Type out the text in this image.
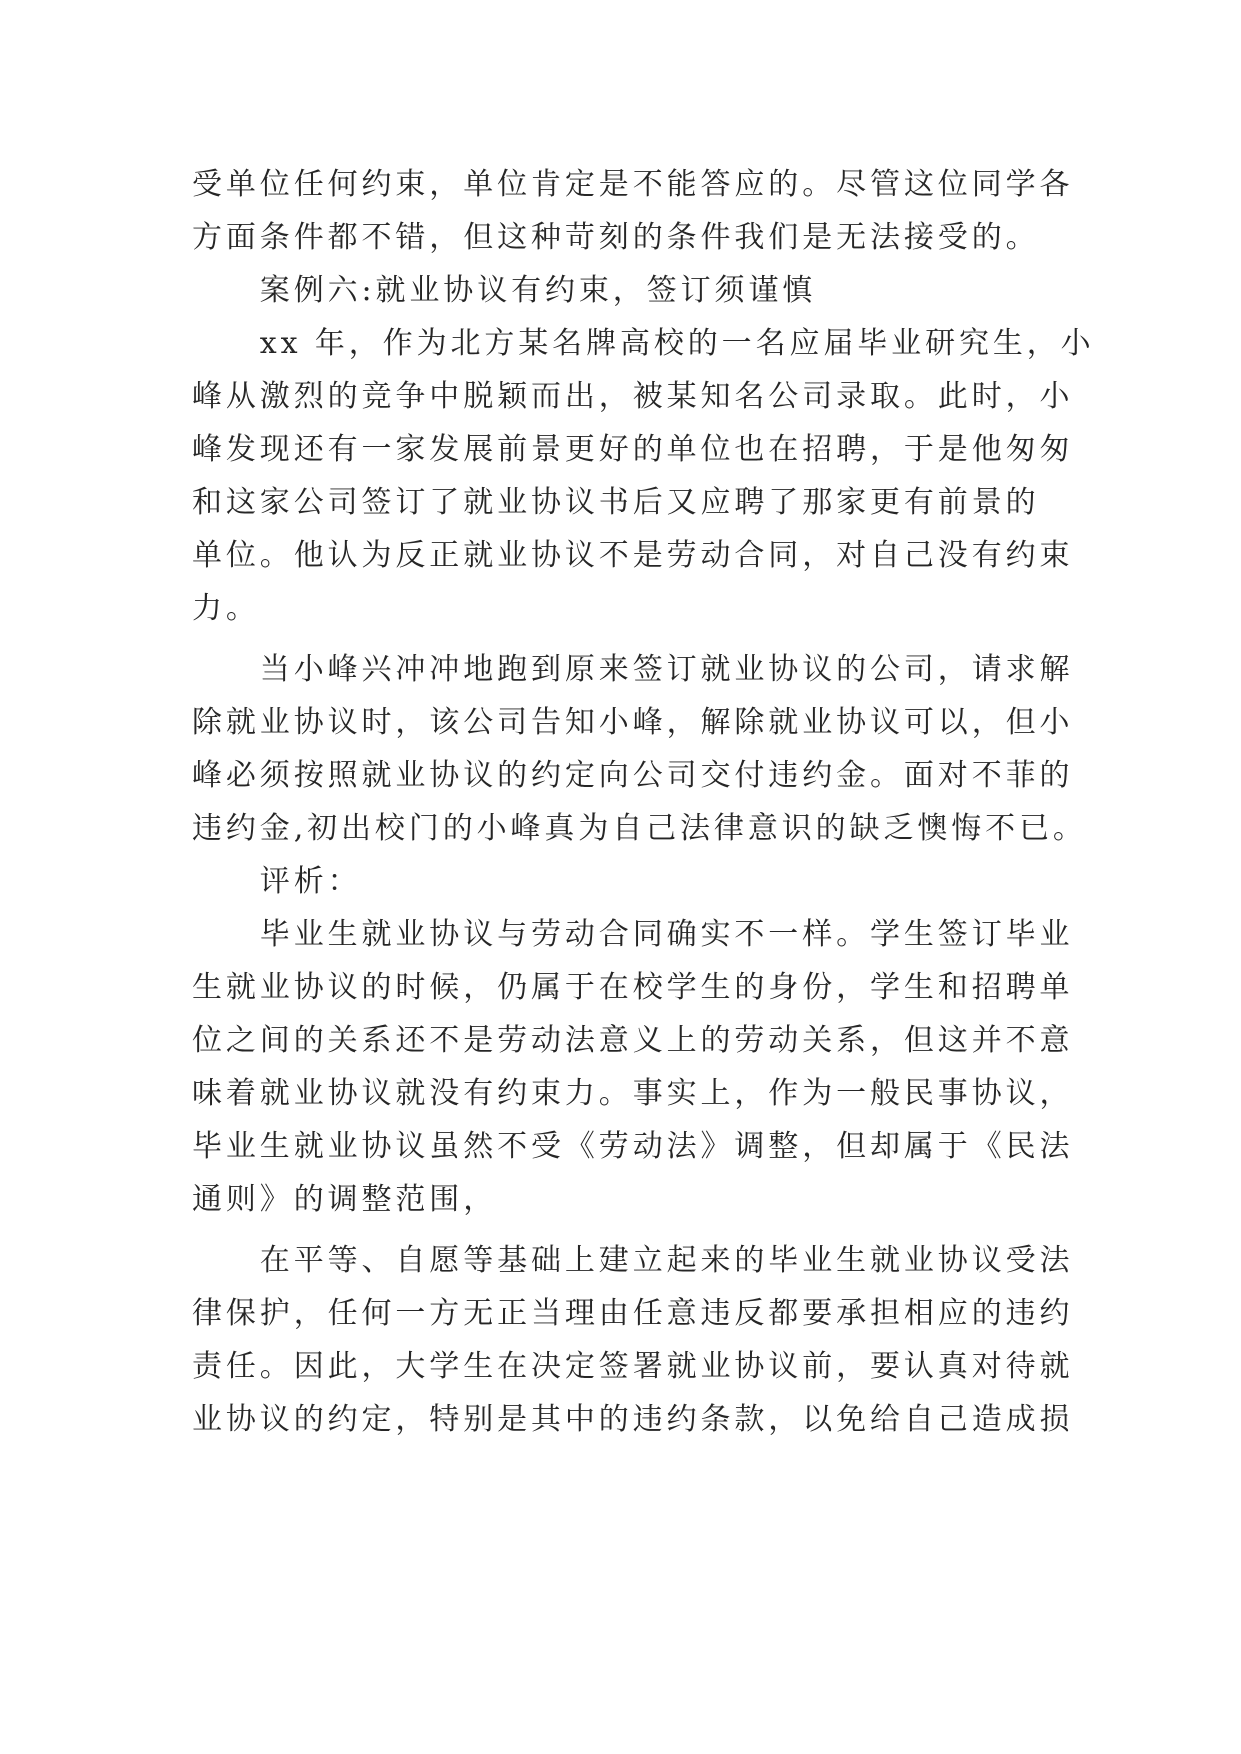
受单位任何约束，单位肯定是不能答应的。尽管这位同学各
方面条件都不错，但这种苛刻的条件我们是无法接受的。
　　案例六:就业协议有约束，签订须谨慎
　　xx 年，作为北方某名牌高校的一名应届毕业研究生，小
峰从激烈的竞争中脱颖而出，被某知名公司录取。此时，小
峰发现还有一家发展前景更好的单位也在招聘，于是他匆匆
和这家公司签订了就业协议书后又应聘了那家更有前景的
单位。他认为反正就业协议不是劳动合同，对自己没有约束
力。
　　当小峰兴冲冲地跑到原来签订就业协议的公司，请求解
除就业协议时，该公司告知小峰，解除就业协议可以，但小
峰必须按照就业协议的约定向公司交付违约金。面对不菲的
违约金,初出校门的小峰真为自己法律意识的缺乏懊悔不已。
　　评析：
　　毕业生就业协议与劳动合同确实不一样。学生签订毕业
生就业协议的时候，仍属于在校学生的身份，学生和招聘单
位之间的关系还不是劳动法意义上的劳动关系，但这并不意
味着就业协议就没有约束力。事实上，作为一般民事协议，
毕业生就业协议虽然不受《劳动法》调整，但却属于《民法
通则》的调整范围，
　　在平等、自愿等基础上建立起来的毕业生就业协议受法
律保护，任何一方无正当理由任意违反都要承担相应的违约
责任。因此，大学生在决定签署就业协议前，要认真对待就
业协议的约定，特别是其中的违约条款，以免给自己造成损
